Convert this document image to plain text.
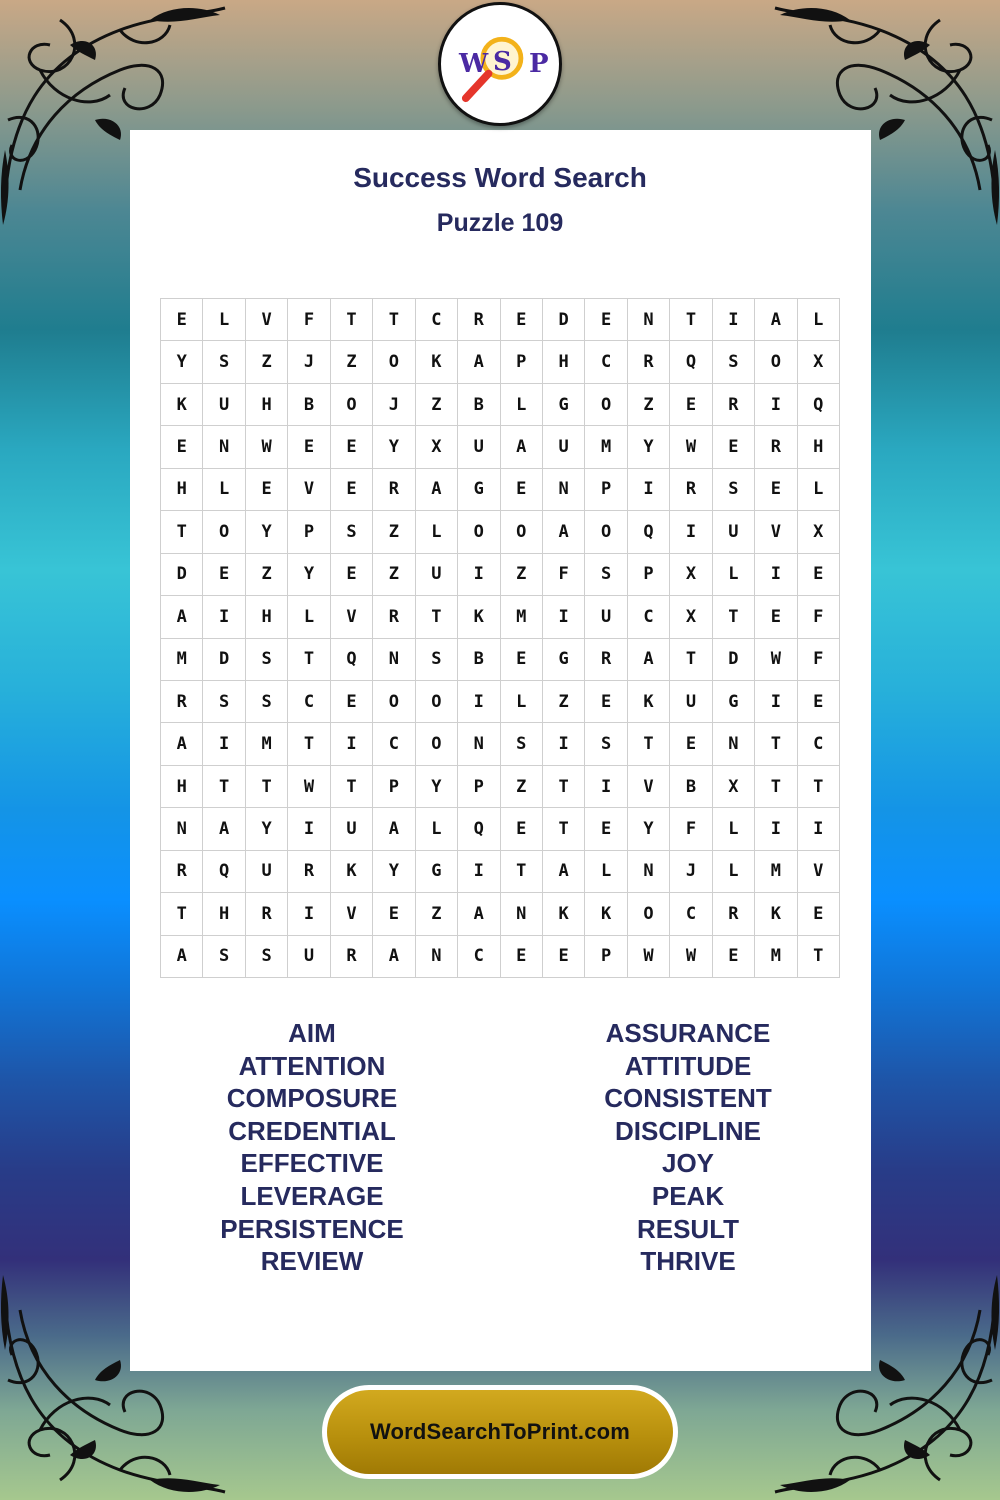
W S P
Success Word Search
Puzzle 109
E	L	V	F	T	T	C	R	E	D	E	N	T	I	A	L
Y	S	Z	J	Z	O	K	A	P	H	C	R	Q	S	O	X
K	U	H	B	O	J	Z	B	L	G	O	Z	E	R	I	Q
E	N	W	E	E	Y	X	U	A	U	M	Y	W	E	R	H
H	L	E	V	E	R	A	G	E	N	P	I	R	S	E	L
T	O	Y	P	S	Z	L	O	O	A	O	Q	I	U	V	X
D	E	Z	Y	E	Z	U	I	Z	F	S	P	X	L	I	E
A	I	H	L	V	R	T	K	M	I	U	C	X	T	E	F
M	D	S	T	Q	N	S	B	E	G	R	A	T	D	W	F
R	S	S	C	E	O	O	I	L	Z	E	K	U	G	I	E
A	I	M	T	I	C	O	N	S	I	S	T	E	N	T	C
H	T	T	W	T	P	Y	P	Z	T	I	V	B	X	T	T
N	A	Y	I	U	A	L	Q	E	T	E	Y	F	L	I	I
R	Q	U	R	K	Y	G	I	T	A	L	N	J	L	M	V
T	H	R	I	V	E	Z	A	N	K	K	O	C	R	K	E
A	S	S	U	R	A	N	C	E	E	P	W	W	E	M	T
AIM
ATTENTION
COMPOSURE
CREDENTIAL
EFFECTIVE
LEVERAGE
PERSISTENCE
REVIEW
ASSURANCE
ATTITUDE
CONSISTENT
DISCIPLINE
JOY
PEAK
RESULT
THRIVE
WordSearchToPrint.com
